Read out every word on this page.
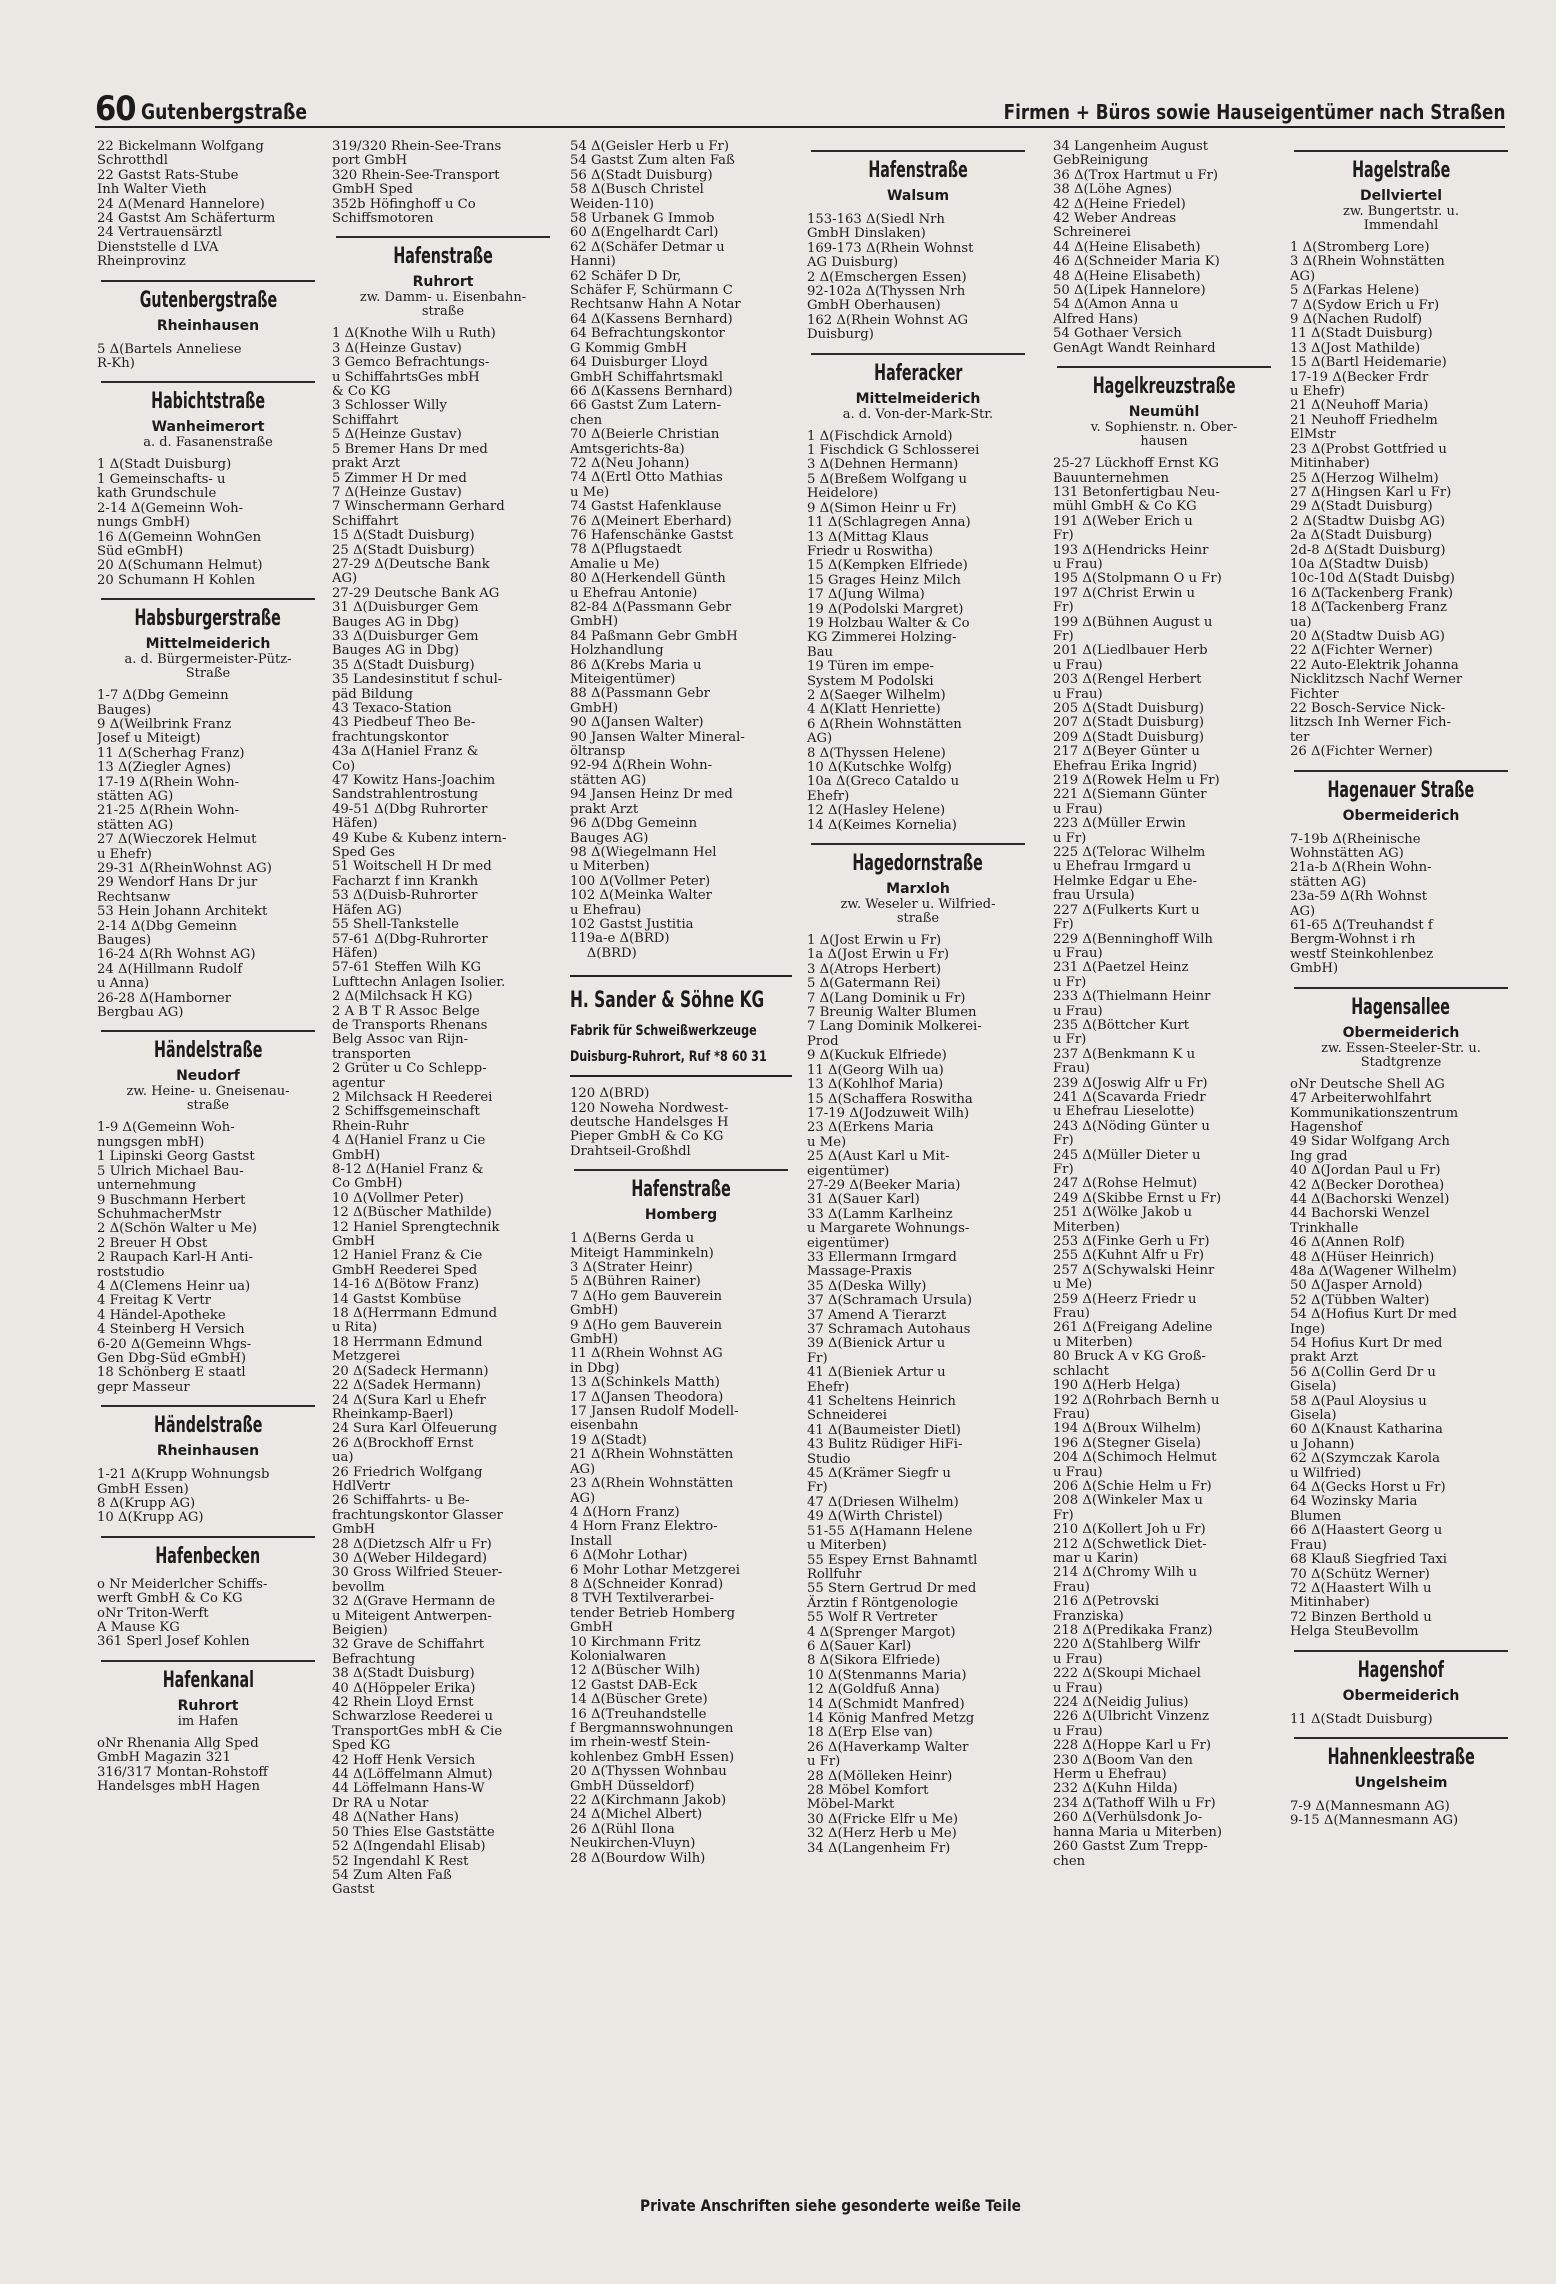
60 Gutenbergstraße	Firmen + Büros sowie Hauseigentümer nach Straßen
22 Bickelmann Wolfgang
Schrotthdl
22 Gastst Rats-Stube
Inh Walter Vieth
24 Δ(Menard Hannelore)
24 Gastst Am Schäferturm
24 Vertrauensärztl
Dienststelle d LVA
Rheinprovinz
Gutenbergstraße
Rheinhausen
5 Δ(Bartels Anneliese
R-Kh)
Habichtstraße
Wanheimerort
a. d. Fasanenstraße
1 Δ(Stadt Duisburg)
1 Gemeinschafts- u
kath Grundschule
2-14 Δ(Gemeinn Woh-
nungs GmbH)
16 Δ(Gemeinn WohnGen
Süd eGmbH)
20 Δ(Schumann Helmut)
20 Schumann H Kohlen
Habsburgerstraße
Mittelmeiderich
a. d. Bürgermeister-Pütz-
Straße
1-7 Δ(Dbg Gemeinn
Bauges)
9 Δ(Weilbrink Franz
Josef u Miteigt)
11 Δ(Scherhag Franz)
13 Δ(Ziegler Agnes)
17-19 Δ(Rhein Wohn-
stätten AG)
21-25 Δ(Rhein Wohn-
stätten AG)
27 Δ(Wieczorek Helmut
u Ehefr)
29-31 Δ(RheinWohnst AG)
29 Wendorf Hans Dr jur
Rechtsanw
53 Hein Johann Architekt
2-14 Δ(Dbg Gemeinn
Bauges)
16-24 Δ(Rh Wohnst AG)
24 Δ(Hillmann Rudolf
u Anna)
26-28 Δ(Hamborner
Bergbau AG)
Händelstraße
Neudorf
zw. Heine- u. Gneisenau-
straße
1-9 Δ(Gemeinn Woh-
nungsgen mbH)
1 Lipinski Georg Gastst
5 Ulrich Michael Bau-
unternehmung
9 Buschmann Herbert
SchuhmacherMstr
2 Δ(Schön Walter u Me)
2 Breuer H Obst
2 Raupach Karl-H Anti-
roststudio
4 Δ(Clemens Heinr ua)
4 Freitag K Vertr
4 Händel-Apotheke
4 Steinberg H Versich
6-20 Δ(Gemeinn Whgs-
Gen Dbg-Süd eGmbH)
18 Schönberg E staatl
gepr Masseur
Händelstraße
Rheinhausen
1-21 Δ(Krupp Wohnungsb
GmbH Essen)
8 Δ(Krupp AG)
10 Δ(Krupp AG)
Hafenbecken
o Nr Meiderlcher Schiffs-
werft GmbH & Co KG
oNr Triton-Werft
A Mause KG
361 Sperl Josef Kohlen
Hafenkanal
Ruhrort
im Hafen
oNr Rhenania Allg Sped
GmbH Magazin 321
316/317 Montan-Rohstoff
Handelsges mbH Hagen
319/320 Rhein-See-Trans
port GmbH
320 Rhein-See-Transport
GmbH Sped
352b Höfinghoff u Co
Schiffsmotoren
Hafenstraße
Ruhrort
zw. Damm- u. Eisenbahn-
straße
1 Δ(Knothe Wilh u Ruth)
3 Δ(Heinze Gustav)
3 Gemco Befrachtungs-
u SchiffahrtsGes mbH
& Co KG
3 Schlosser Willy
Schiffahrt
5 Δ(Heinze Gustav)
5 Bremer Hans Dr med
prakt Arzt
5 Zimmer H Dr med
7 Δ(Heinze Gustav)
7 Winschermann Gerhard
Schiffahrt
15 Δ(Stadt Duisburg)
25 Δ(Stadt Duisburg)
27-29 Δ(Deutsche Bank
AG)
27-29 Deutsche Bank AG
31 Δ(Duisburger Gem
Bauges AG in Dbg)
33 Δ(Duisburger Gem
Bauges AG in Dbg)
35 Δ(Stadt Duisburg)
35 Landesinstitut f schul-
päd Bildung
43 Texaco-Station
43 Piedbeuf Theo Be-
frachtungskontor
43a Δ(Haniel Franz &
Co)
47 Kowitz Hans-Joachim
Sandstrahlentrostung
49-51 Δ(Dbg Ruhrorter
Häfen)
49 Kube & Kubenz intern-
Sped Ges
51 Woitschell H Dr med
Facharzt f inn Krankh
53 Δ(Duisb-Ruhrorter
Häfen AG)
55 Shell-Tankstelle
57-61 Δ(Dbg-Ruhrorter
Häfen)
57-61 Steffen Wilh KG
Lufttechn Anlagen Isolier.
2 Δ(Milchsack H KG)
2 A B T R Assoc Belge
de Transports Rhenans
Belg Assoc van Rijn-
transporten
2 Grüter u Co Schlepp-
agentur
2 Milchsack H Reederei
2 Schiffsgemeinschaft
Rhein-Ruhr
4 Δ(Haniel Franz u Cie
GmbH)
8-12 Δ(Haniel Franz &
Co GmbH)
10 Δ(Vollmer Peter)
12 Δ(Büscher Mathilde)
12 Haniel Sprengtechnik
GmbH
12 Haniel Franz & Cie
GmbH Reederei Sped
14-16 Δ(Bötow Franz)
14 Gastst Kombüse
18 Δ(Herrmann Edmund
u Rita)
18 Herrmann Edmund
Metzgerei
20 Δ(Sadeck Hermann)
22 Δ(Sadek Hermann)
24 Δ(Sura Karl u Ehefr
Rheinkamp-Baerl)
24 Sura Karl Ölfeuerung
26 Δ(Brockhoff Ernst
ua)
26 Friedrich Wolfgang
HdlVertr
26 Schiffahrts- u Be-
frachtungskontor Glasser
GmbH
28 Δ(Dietzsch Alfr u Fr)
30 Δ(Weber Hildegard)
30 Gross Wilfried Steuer-
bevollm
32 Δ(Grave Hermann de
u Miteigent Antwerpen-
Beigien)
32 Grave de Schiffahrt
Befrachtung
38 Δ(Stadt Duisburg)
40 Δ(Höppeler Erika)
42 Rhein Lloyd Ernst
Schwarzlose Reederei u
TransportGes mbH & Cie
Sped KG
42 Hoff Henk Versich
44 Δ(Löffelmann Almut)
44 Löffelmann Hans-W
Dr RA u Notar
48 Δ(Nather Hans)
50 Thies Else Gaststätte
52 Δ(Ingendahl Elisab)
52 Ingendahl K Rest
54 Zum Alten Faß
Gastst
54 Δ(Geisler Herb u Fr)
54 Gastst Zum alten Faß
56 Δ(Stadt Duisburg)
58 Δ(Busch Christel
Weiden-110)
58 Urbanek G Immob
60 Δ(Engelhardt Carl)
62 Δ(Schäfer Detmar u
Hanni)
62 Schäfer D Dr,
Schäfer F, Schürmann C
Rechtsanw Hahn A Notar
64 Δ(Kassens Bernhard)
64 Befrachtungskontor
G Kommig GmbH
64 Duisburger Lloyd
GmbH Schiffahrtsmakl
66 Δ(Kassens Bernhard)
66 Gastst Zum Latern-
chen
70 Δ(Beierle Christian
Amtsgerichts-8a)
72 Δ(Neu Johann)
74 Δ(Ertl Otto Mathias
u Me)
74 Gastst Hafenklause
76 Δ(Meinert Eberhard)
76 Hafenschänke Gastst
78 Δ(Pflugstaedt
Amalie u Me)
80 Δ(Herkendell Günth
u Ehefrau Antonie)
82-84 Δ(Passmann Gebr
GmbH)
84 Paßmann Gebr GmbH
Holzhandlung
86 Δ(Krebs Maria u
Miteigentümer)
88 Δ(Passmann Gebr
GmbH)
90 Δ(Jansen Walter)
90 Jansen Walter Mineral-
öltransp
92-94 Δ(Rhein Wohn-
stätten AG)
94 Jansen Heinz Dr med
prakt Arzt
96 Δ(Dbg Gemeinn
Bauges AG)
98 Δ(Wiegelmann Hel
u Miterben)
100 Δ(Vollmer Peter)
102 Δ(Meinka Walter
u Ehefrau)
102 Gastst Justitia
119a-e Δ(BRD)
Δ(BRD)
H. Sander & Söhne KG
Fabrik für Schweißwerkzeuge
Duisburg-Ruhrort, Ruf *8 60 31
120 Δ(BRD)
120 Noweha Nordwest-
deutsche Handelsges H
Pieper GmbH & Co KG
Drahtseil-Großhdl
Hafenstraße
Homberg
1 Δ(Berns Gerda u
Miteigt Hamminkeln)
3 Δ(Strater Heinr)
5 Δ(Bühren Rainer)
7 Δ(Ho gem Bauverein
GmbH)
9 Δ(Ho gem Bauverein
GmbH)
11 Δ(Rhein Wohnst AG
in Dbg)
13 Δ(Schinkels Matth)
17 Δ(Jansen Theodora)
17 Jansen Rudolf Modell-
eisenbahn
19 Δ(Stadt)
21 Δ(Rhein Wohnstätten
AG)
23 Δ(Rhein Wohnstätten
AG)
4 Δ(Horn Franz)
4 Horn Franz Elektro-
Install
6 Δ(Mohr Lothar)
6 Mohr Lothar Metzgerei
8 Δ(Schneider Konrad)
8 TVH Textilverarbei-
tender Betrieb Homberg
GmbH
10 Kirchmann Fritz
Kolonialwaren
12 Δ(Büscher Wilh)
12 Gastst DAB-Eck
14 Δ(Büscher Grete)
16 Δ(Treuhandstelle
f Bergmannswohnungen
im rhein-westf Stein-
kohlenbez GmbH Essen)
20 Δ(Thyssen Wohnbau
GmbH Düsseldorf)
22 Δ(Kirchmann Jakob)
24 Δ(Michel Albert)
26 Δ(Rühl Ilona
Neukirchen-Vluyn)
28 Δ(Bourdow Wilh)
Hafenstraße
Walsum
153-163 Δ(Siedl Nrh
GmbH Dinslaken)
169-173 Δ(Rhein Wohnst
AG Duisburg)
2 Δ(Emschergen Essen)
92-102a Δ(Thyssen Nrh
GmbH Oberhausen)
162 Δ(Rhein Wohnst AG
Duisburg)
Haferacker
Mittelmeiderich
a. d. Von-der-Mark-Str.
1 Δ(Fischdick Arnold)
1 Fischdick G Schlosserei
3 Δ(Dehnen Hermann)
5 Δ(Breßem Wolfgang u
Heidelore)
9 Δ(Simon Heinr u Fr)
11 Δ(Schlagregen Anna)
13 Δ(Mittag Klaus
Friedr u Roswitha)
15 Δ(Kempken Elfriede)
15 Grages Heinz Milch
17 Δ(Jung Wilma)
19 Δ(Podolski Margret)
19 Holzbau Walter & Co
KG Zimmerei Holzing-
Bau
19 Türen im empe-
System M Podolski
2 Δ(Saeger Wilhelm)
4 Δ(Klatt Henriette)
6 Δ(Rhein Wohnstätten
AG)
8 Δ(Thyssen Helene)
10 Δ(Kutschke Wolfg)
10a Δ(Greco Cataldo u
Ehefr)
12 Δ(Hasley Helene)
14 Δ(Keimes Kornelia)
Hagedornstraße
Marxloh
zw. Weseler u. Wilfried-
straße
1 Δ(Jost Erwin u Fr)
1a Δ(Jost Erwin u Fr)
3 Δ(Atrops Herbert)
5 Δ(Gatermann Rei)
7 Δ(Lang Dominik u Fr)
7 Breunig Walter Blumen
7 Lang Dominik Molkerei-
Prod
9 Δ(Kuckuk Elfriede)
11 Δ(Georg Wilh ua)
13 Δ(Kohlhof Maria)
15 Δ(Schaffera Roswitha
17-19 Δ(Jodzuweit Wilh)
23 Δ(Erkens Maria
u Me)
25 Δ(Aust Karl u Mit-
eigentümer)
27-29 Δ(Beeker Maria)
31 Δ(Sauer Karl)
33 Δ(Lamm Karlheinz
u Margarete Wohnungs-
eigentümer)
33 Ellermann Irmgard
Massage-Praxis
35 Δ(Deska Willy)
37 Δ(Schramach Ursula)
37 Amend A Tierarzt
37 Schramach Autohaus
39 Δ(Bienick Artur u
Fr)
41 Δ(Bieniek Artur u
Ehefr)
41 Scheltens Heinrich
Schneiderei
41 Δ(Baumeister Dietl)
43 Bulitz Rüdiger HiFi-
Studio
45 Δ(Krämer Siegfr u
Fr)
47 Δ(Driesen Wilhelm)
49 Δ(Wirth Christel)
51-55 Δ(Hamann Helene
u Miterben)
55 Espey Ernst Bahnamtl
Rollfuhr
55 Stern Gertrud Dr med
Ärztin f Röntgenologie
55 Wolf R Vertreter
4 Δ(Sprenger Margot)
6 Δ(Sauer Karl)
8 Δ(Sikora Elfriede)
10 Δ(Stenmanns Maria)
12 Δ(Goldfuß Anna)
14 Δ(Schmidt Manfred)
14 König Manfred Metzg
18 Δ(Erp Else van)
26 Δ(Haverkamp Walter
u Fr)
28 Δ(Mölleken Heinr)
28 Möbel Komfort
Möbel-Markt
30 Δ(Fricke Elfr u Me)
32 Δ(Herz Herb u Me)
34 Δ(Langenheim Fr)
34 Langenheim August
GebReinigung
36 Δ(Trox Hartmut u Fr)
38 Δ(Löhe Agnes)
42 Δ(Heine Friedel)
42 Weber Andreas
Schreinerei
44 Δ(Heine Elisabeth)
46 Δ(Schneider Maria K)
48 Δ(Heine Elisabeth)
50 Δ(Lipek Hannelore)
54 Δ(Amon Anna u
Alfred Hans)
54 Gothaer Versich
GenAgt Wandt Reinhard
Hagelkreuzstraße
Neumühl
v. Sophienstr. n. Ober-
hausen
25-27 Lückhoff Ernst KG
Bauunternehmen
131 Betonfertigbau Neu-
mühl GmbH & Co KG
191 Δ(Weber Erich u
Fr)
193 Δ(Hendricks Heinr
u Frau)
195 Δ(Stolpmann O u Fr)
197 Δ(Christ Erwin u
Fr)
199 Δ(Bühnen August u
Fr)
201 Δ(Liedlbauer Herb
u Frau)
203 Δ(Rengel Herbert
u Frau)
205 Δ(Stadt Duisburg)
207 Δ(Stadt Duisburg)
209 Δ(Stadt Duisburg)
217 Δ(Beyer Günter u
Ehefrau Erika Ingrid)
219 Δ(Rowek Helm u Fr)
221 Δ(Siemann Günter
u Frau)
223 Δ(Müller Erwin
u Fr)
225 Δ(Telorac Wilhelm
u Ehefrau Irmgard u
Helmke Edgar u Ehe-
frau Ursula)
227 Δ(Fulkerts Kurt u
Fr)
229 Δ(Benninghoff Wilh
u Frau)
231 Δ(Paetzel Heinz
u Fr)
233 Δ(Thielmann Heinr
u Frau)
235 Δ(Böttcher Kurt
u Fr)
237 Δ(Benkmann K u
Frau)
239 Δ(Joswig Alfr u Fr)
241 Δ(Scavarda Friedr
u Ehefrau Lieselotte)
243 Δ(Nöding Günter u
Fr)
245 Δ(Müller Dieter u
Fr)
247 Δ(Rohse Helmut)
249 Δ(Skibbe Ernst u Fr)
251 Δ(Wölke Jakob u
Miterben)
253 Δ(Finke Gerh u Fr)
255 Δ(Kuhnt Alfr u Fr)
257 Δ(Schywalski Heinr
u Me)
259 Δ(Heerz Friedr u
Frau)
261 Δ(Freigang Adeline
u Miterben)
80 Bruck A v KG Groß-
schlacht
190 Δ(Herb Helga)
192 Δ(Rohrbach Bernh u
Frau)
194 Δ(Broux Wilhelm)
196 Δ(Stegner Gisela)
204 Δ(Schimoch Helmut
u Frau)
206 Δ(Schie Helm u Fr)
208 Δ(Winkeler Max u
Fr)
210 Δ(Kollert Joh u Fr)
212 Δ(Schwetlick Diet-
mar u Karin)
214 Δ(Chromy Wilh u
Frau)
216 Δ(Petrovski
Franziska)
218 Δ(Predikaka Franz)
220 Δ(Stahlberg Wilfr
u Frau)
222 Δ(Skoupi Michael
u Frau)
224 Δ(Neidig Julius)
226 Δ(Ulbricht Vinzenz
u Frau)
228 Δ(Hoppe Karl u Fr)
230 Δ(Boom Van den
Herm u Ehefrau)
232 Δ(Kuhn Hilda)
234 Δ(Tathoff Wilh u Fr)
260 Δ(Verhülsdonk Jo-
hanna Maria u Miterben)
260 Gastst Zum Trepp-
chen
Hagelstraße
Dellviertel
zw. Bungertstr. u.
Immendahl
1 Δ(Stromberg Lore)
3 Δ(Rhein Wohnstätten
AG)
5 Δ(Farkas Helene)
7 Δ(Sydow Erich u Fr)
9 Δ(Nachen Rudolf)
11 Δ(Stadt Duisburg)
13 Δ(Jost Mathilde)
15 Δ(Bartl Heidemarie)
17-19 Δ(Becker Frdr
u Ehefr)
21 Δ(Neuhoff Maria)
21 Neuhoff Friedhelm
ElMstr
23 Δ(Probst Gottfried u
Mitinhaber)
25 Δ(Herzog Wilhelm)
27 Δ(Hingsen Karl u Fr)
29 Δ(Stadt Duisburg)
2 Δ(Stadtw Duisbg AG)
2a Δ(Stadt Duisburg)
2d-8 Δ(Stadt Duisburg)
10a Δ(Stadtw Duisb)
10c-10d Δ(Stadt Duisbg)
16 Δ(Tackenberg Frank)
18 Δ(Tackenberg Franz
ua)
20 Δ(Stadtw Duisb AG)
22 Δ(Fichter Werner)
22 Auto-Elektrik Johanna
Nicklitzsch Nachf Werner
Fichter
22 Bosch-Service Nick-
litzsch Inh Werner Fich-
ter
26 Δ(Fichter Werner)
Hagenauer Straße
Obermeiderich
7-19b Δ(Rheinische
Wohnstätten AG)
21a-b Δ(Rhein Wohn-
stätten AG)
23a-59 Δ(Rh Wohnst
AG)
61-65 Δ(Treuhandst f
Bergm-Wohnst i rh
westf Steinkohlenbez
GmbH)
Hagensallee
Obermeiderich
zw. Essen-Steeler-Str. u.
Stadtgrenze
oNr Deutsche Shell AG
47 Arbeiterwohlfahrt
Kommunikationszentrum
Hagenshof
49 Sidar Wolfgang Arch
Ing grad
40 Δ(Jordan Paul u Fr)
42 Δ(Becker Dorothea)
44 Δ(Bachorski Wenzel)
44 Bachorski Wenzel
Trinkhalle
46 Δ(Annen Rolf)
48 Δ(Hüser Heinrich)
48a Δ(Wagener Wilhelm)
50 Δ(Jasper Arnold)
52 Δ(Tübben Walter)
54 Δ(Hofius Kurt Dr med
Inge)
54 Hofius Kurt Dr med
prakt Arzt
56 Δ(Collin Gerd Dr u
Gisela)
58 Δ(Paul Aloysius u
Gisela)
60 Δ(Knaust Katharina
u Johann)
62 Δ(Szymczak Karola
u Wilfried)
64 Δ(Gecks Horst u Fr)
64 Wozinsky Maria
Blumen
66 Δ(Haastert Georg u
Frau)
68 Klauß Siegfried Taxi
70 Δ(Schütz Werner)
72 Δ(Haastert Wilh u
Mitinhaber)
72 Binzen Berthold u
Helga SteuBevollm
Hagenshof
Obermeiderich
11 Δ(Stadt Duisburg)
Hahnenkleestraße
Ungelsheim
7-9 Δ(Mannesmann AG)
9-15 Δ(Mannesmann AG)
Private Anschriften siehe gesonderte weiße Teile
